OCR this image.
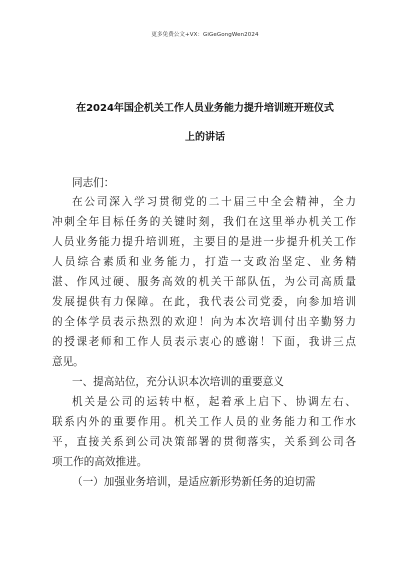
更多免费公文+VX：GiGeGongWen2024
在2024年国企机关工作人员业务能力提升培训班开班仪式
上的讲话
同志们：
在公司深入学习贯彻党的二十届三中全会精神，全力
冲刺全年目标任务的关键时刻，我们在这里举办机关工作
人员业务能力提升培训班，主要目的是进一步提升机关工作
人员综合素质和业务能力，打造一支政治坚定、业务精
湛、作风过硬、服务高效的机关干部队伍，为公司高质量
发展提供有力保障。在此，我代表公司党委，向参加培训
的全体学员表示热烈的欢迎！向为本次培训付出辛勤努力
的授课老师和工作人员表示衷心的感谢！下面，我讲三点
意见。
一、提高站位，充分认识本次培训的重要意义
机关是公司的运转中枢，起着承上启下、协调左右、
联系内外的重要作用。机关工作人员的业务能力和工作水
平，直接关系到公司决策部署的贯彻落实，关系到公司各
项工作的高效推进。
（一）加强业务培训，是适应新形势新任务的迫切需
